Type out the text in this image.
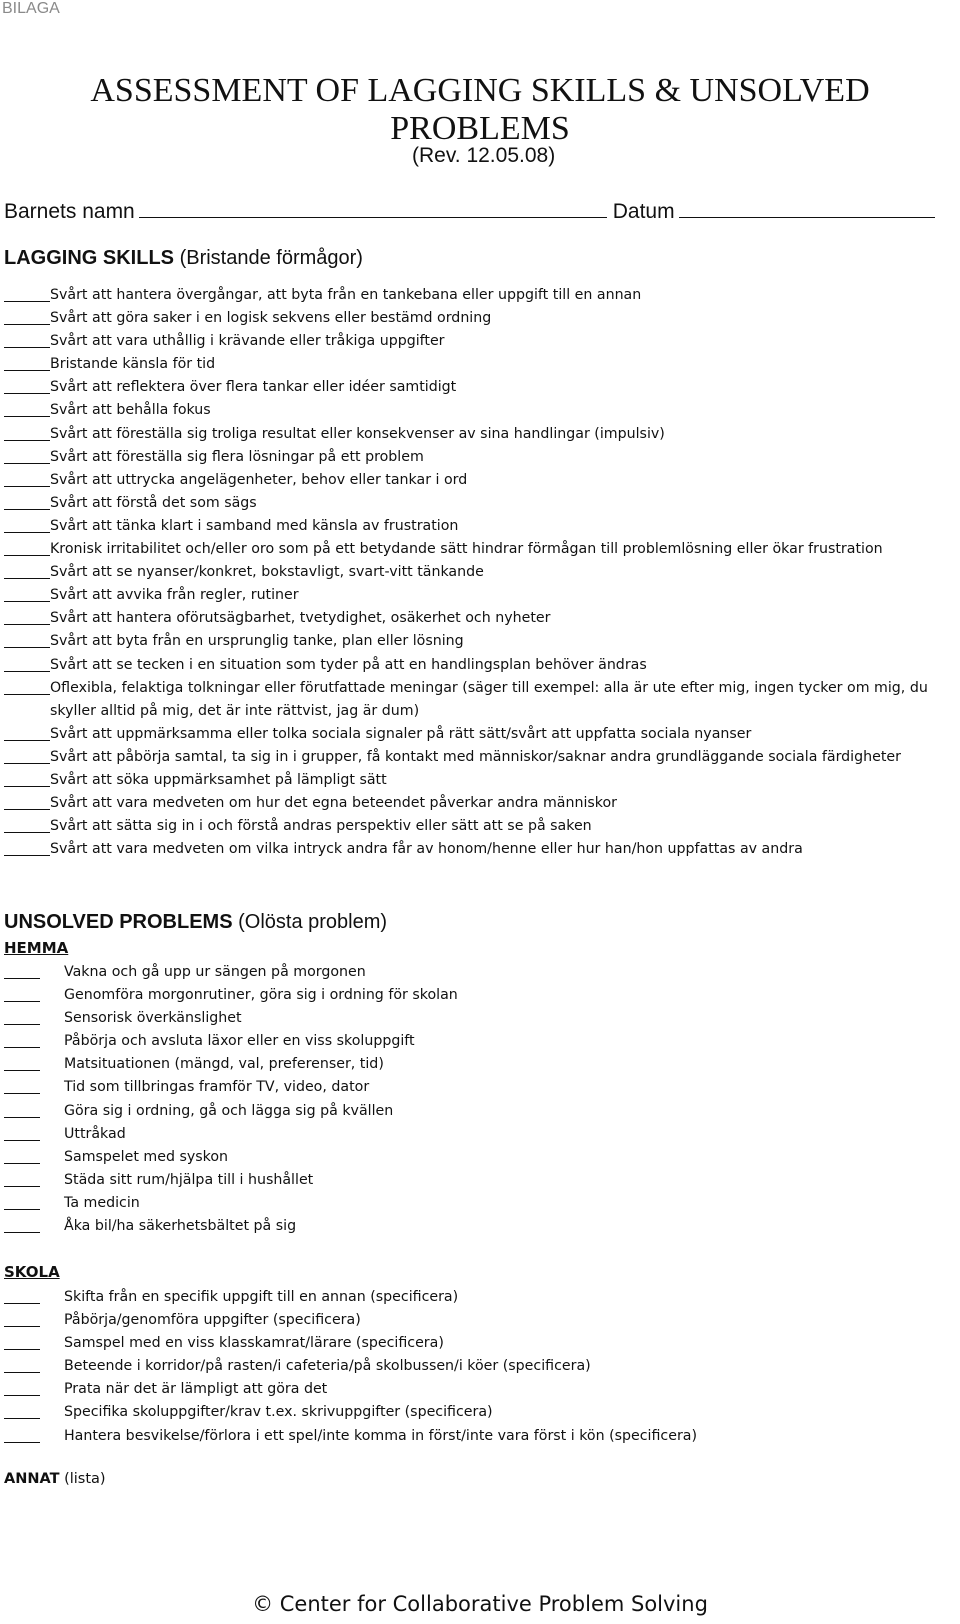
BILAGA
ASSESSMENT OF LAGGING SKILLS & UNSOLVED PROBLEMS
(Rev. 12.05.08)
Barnets namn	Datum
LAGGING SKILLS (Bristande förmågor)
Svårt att hantera övergångar, att byta från en tankebana eller uppgift till en annan
Svårt att göra saker i en logisk sekvens eller bestämd ordning
Svårt att vara uthållig i krävande eller tråkiga uppgifter
Bristande känsla för tid
Svårt att reflektera över flera tankar eller idéer samtidigt
Svårt att behålla fokus
Svårt att föreställa sig troliga resultat eller konsekvenser av sina handlingar (impulsiv)
Svårt att föreställa sig flera lösningar på ett problem
Svårt att uttrycka angelägenheter, behov eller tankar i ord
Svårt att förstå det som sägs
Svårt att tänka klart i samband med känsla av frustration
Kronisk irritabilitet och/eller oro som på ett betydande sätt hindrar förmågan till problemlösning eller ökar frustration
Svårt att se nyanser/konkret, bokstavligt, svart-vitt tänkande
Svårt att avvika från regler, rutiner
Svårt att hantera oförutsägbarhet, tvetydighet, osäkerhet och nyheter
Svårt att byta från en ursprunglig tanke, plan eller lösning
Svårt att se tecken i en situation som tyder på att en handlingsplan behöver ändras
Oflexibla, felaktiga tolkningar eller förutfattade meningar (säger till exempel: alla är ute efter mig, ingen tycker om mig, du skyller alltid på mig, det är inte rättvist, jag är dum)
Svårt att uppmärksamma eller tolka sociala signaler på rätt sätt/svårt att uppfatta sociala nyanser
Svårt att påbörja samtal, ta sig in i grupper, få kontakt med människor/saknar andra grundläggande sociala färdigheter
Svårt att söka uppmärksamhet på lämpligt sätt
Svårt att vara medveten om hur det egna beteendet påverkar andra människor
Svårt att sätta sig in i och förstå andras perspektiv eller sätt att se på saken
Svårt att vara medveten om vilka intryck andra får av honom/henne eller hur han/hon uppfattas av andra
UNSOLVED PROBLEMS (Olösta problem)
HEMMA
Vakna och gå upp ur sängen på morgonen
Genomföra morgonrutiner, göra sig i ordning för skolan
Sensorisk överkänslighet
Påbörja och avsluta läxor eller en viss skoluppgift
Matsituationen (mängd, val, preferenser, tid)
Tid som tillbringas framför TV, video, dator
Göra sig i ordning, gå och lägga sig på kvällen
Uttråkad
Samspelet med syskon
Städa sitt rum/hjälpa till i hushållet
Ta medicin
Åka bil/ha säkerhetsbältet på sig
SKOLA
Skifta från en specifik uppgift till en annan (specificera)
Påbörja/genomföra uppgifter (specificera)
Samspel med en viss klasskamrat/lärare (specificera)
Beteende i korridor/på rasten/i cafeteria/på skolbussen/i köer (specificera)
Prata när det är lämpligt att göra det
Specifika skoluppgifter/krav t.ex. skrivuppgifter (specificera)
Hantera besvikelse/förlora i ett spel/inte komma in först/inte vara först i kön (specificera)
ANNAT (lista)
© Center for Collaborative Problem Solving
